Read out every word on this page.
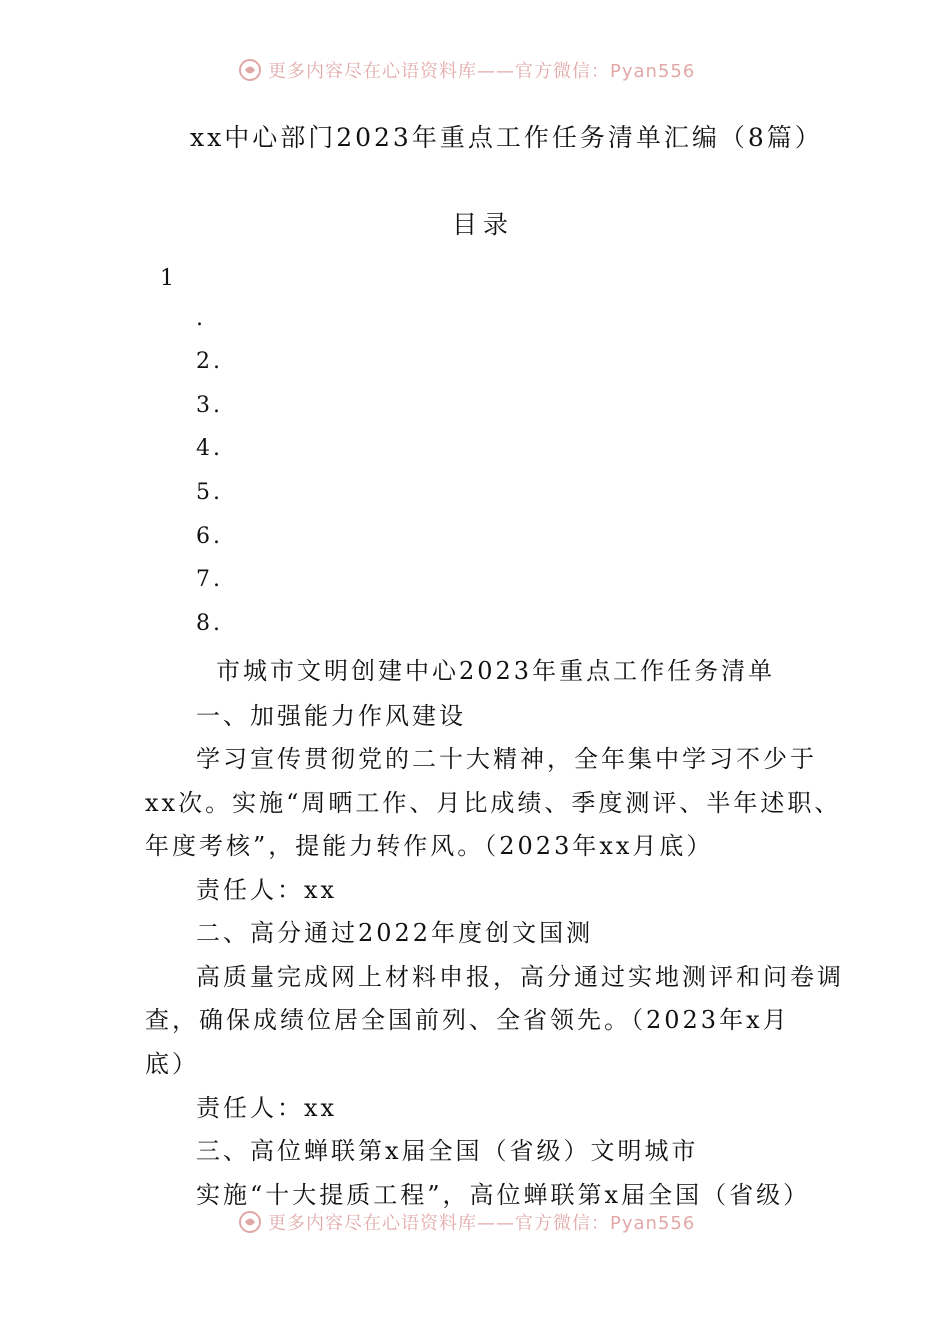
更多内容尽在心语资料库——官方微信：Pyan556
xx中心部门2023年重点工作任务清单汇编（8篇）
目录
1
.
2.
3.
4.
5.
6.
7.
8.
市城市文明创建中心2023年重点工作任务清单
一、加强能力作风建设
学习宣传贯彻党的二十大精神，全年集中学习不少于
xx次。实施“周晒工作、月比成绩、季度测评、半年述职、
年度考核”，提能力转作风。（2023年xx月底）
责任人：xx
二、高分通过2022年度创文国测
高质量完成网上材料申报，高分通过实地测评和问卷调
查，确保成绩位居全国前列、全省领先。（2023年x月
底）
责任人：xx
三、高位蝉联第x届全国（省级）文明城市
实施“十大提质工程”，高位蝉联第x届全国（省级）
更多内容尽在心语资料库——官方微信：Pyan556
